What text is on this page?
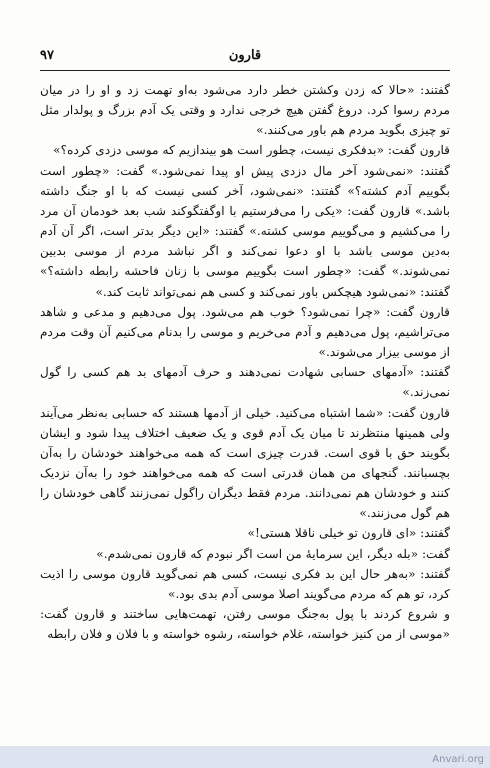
۹۷	قارون

گفتند: «حالا که زدن وکشتن خطر دارد می‌شود به‌او تهمت زد و او را در میان مردم رسوا کرد. دروغ گفتن هیچ خرجی ندارد و وقتی یک آدم بزرگ و پولدار مثل تو چیزی بگوید مردم هم باور می‌کنند.»

قارون گفت: «بدفکری نیست، چطور است هو بیندازیم که موسی دزدی کرده؟»

گفتند: «نمی‌شود آخر مال دزدی پیش او پیدا نمی‌شود.» گفت: «چطور است بگوییم آدم کشته؟» گفتند: «نمی‌شود، آخر کسی نیست که با او جنگ داشته باشد.» قارون گفت: «یکی را می‌فرستیم با اوگفتگوکند شب بعد خودمان آن مرد را می‌کشیم و می‌گوییم موسی کشته.» گفتند: «این دیگر بدتر است، اگر آن آدم به‌دین موسی باشد با او دعوا نمی‌کند و اگر نباشد مردم از موسی بدبین نمی‌شوند.» گفت: «چطور است بگوییم موسی با زنان فاحشه رابطه داشته؟» گفتند: «نمی‌شود هیچکس باور نمی‌کند و کسی هم نمی‌تواند ثابت کند.»

قارون گفت: «چرا نمی‌شود؟ خوب هم می‌شود. پول می‌دهیم و مدعی و شاهد می‌تراشیم، پول می‌دهیم و آدم می‌خریم و موسی را بدنام می‌کنیم آن وقت مردم از موسی بیزار می‌شوند.»

گفتند: «آدمهای حسابی شهادت نمی‌دهند و حرف آدمهای بد هم کسی را گول نمی‌زند.»

قارون گفت: «شما اشتباه می‌کنید. خیلی از آدمها هستند که حسابی به‌نظر می‌آیند ولی همینها منتظرند تا میان یک آدم قوی و یک ضعیف اختلاف پیدا شود و ایشان بگویند حق با قوی است. قدرت چیزی است که همه می‌خواهند خودشان را به‌آن بچسبانند. گنجهای من همان قدرتی است که همه می‌خواهند خود را به‌آن نزدیک کنند و خودشان هم نمی‌دانند. مردم فقط دیگران راگول نمی‌زنند گاهی خودشان را هم گول می‌زنند.»

گفتند: «ای قارون تو خیلی ناقلا هستی!»

گفت: «بله دیگر، این سرمایهٔ من است اگر نبودم که قارون نمی‌شدم.»

گفتند: «به‌هر حال این بد فکری نیست، کسی هم نمی‌گوید قارون موسی را اذیت کرد، تو هم که مردم می‌گویند اصلا موسی آدم بدی بود.»

و شروع کردند با پول به‌جنگ موسی رفتن، تهمت‌هایی ساختند و قارون گفت: «موسی از من کنیز خواسته، غلام خواسته، رشوه خواسته و با فلان و فلان رابطه

Anvari.org
